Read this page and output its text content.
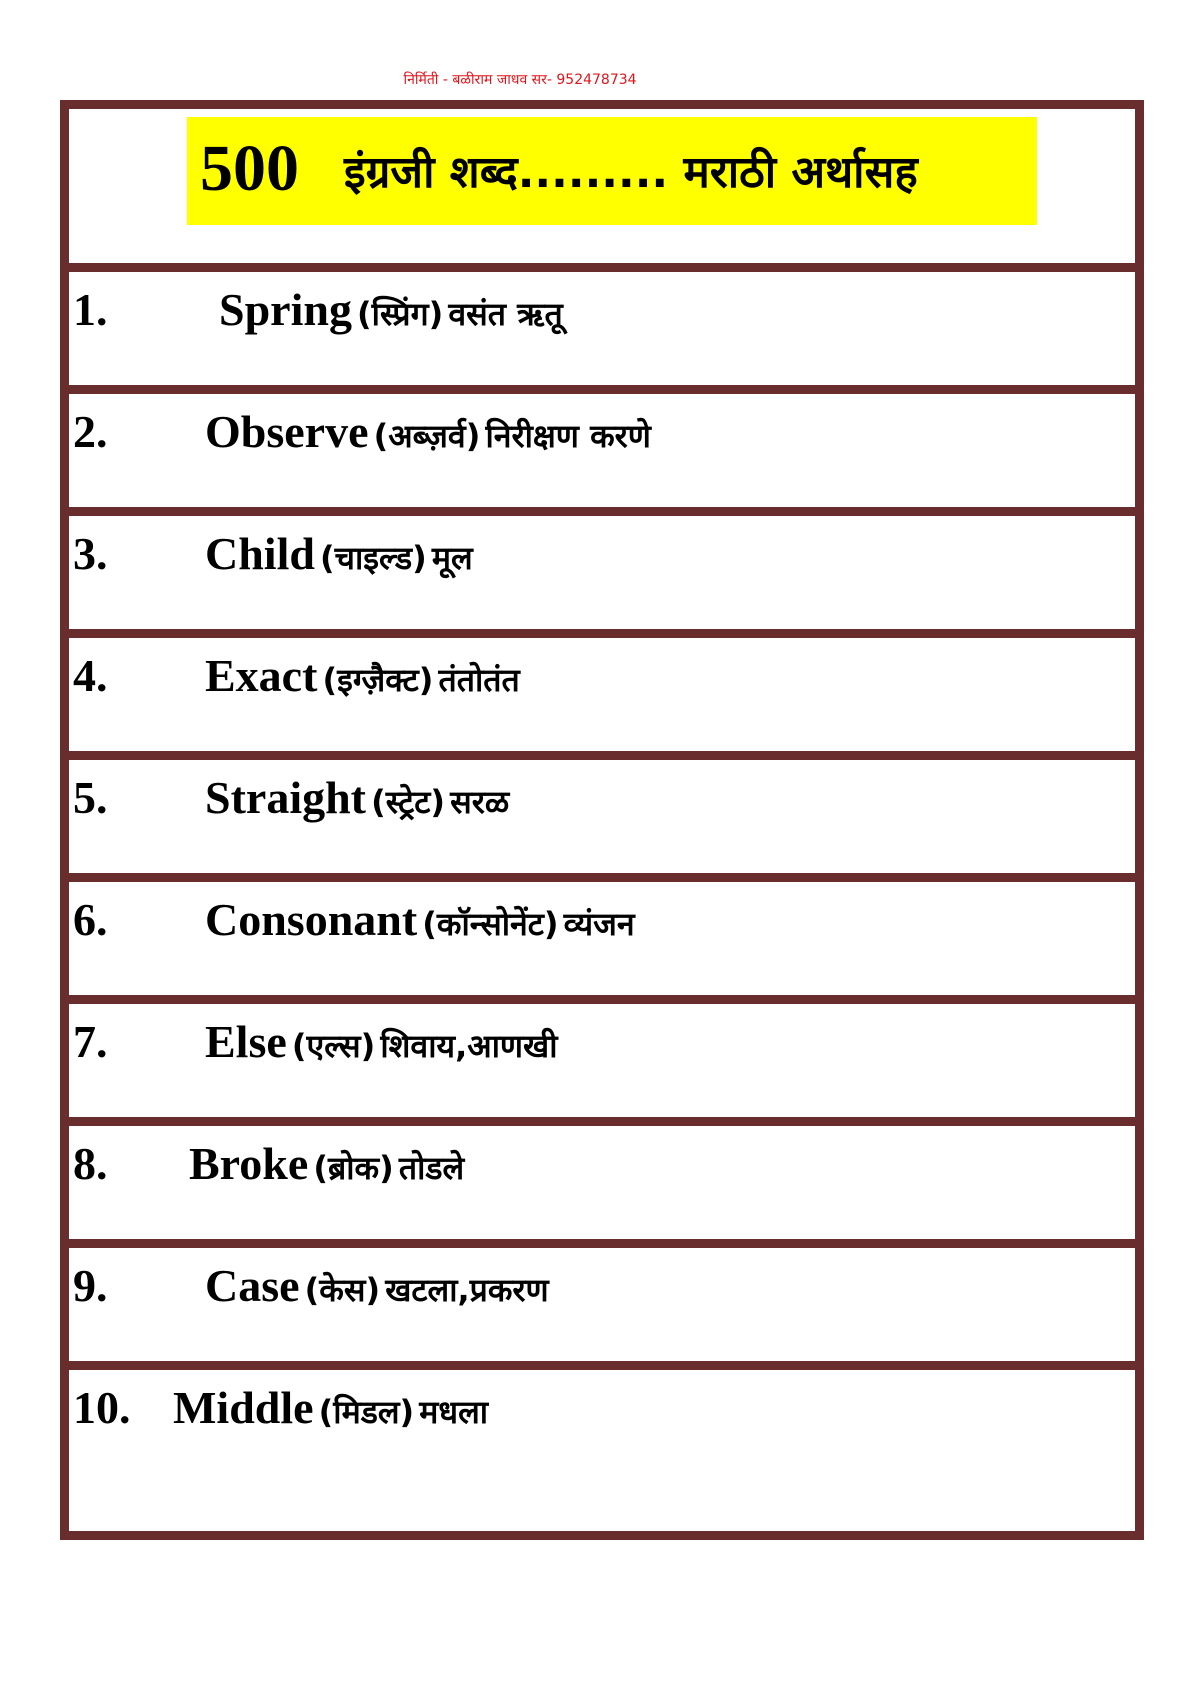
निर्मिती - बळीराम जाधव सर- 952478734
500 इंग्रजी शब्द......... मराठी अर्थासह
1. Spring (स्प्रिंग) वसंत ऋतू
2. Observe (अब्ज़र्व) निरीक्षण करणे
3. Child (चाइल्ड) मूल
4. Exact (इग्ज़ैक्ट) तंतोतंत
5. Straight (स्ट्रेट) सरळ
6. Consonant (कॉन्सोनेंट) व्यंजन
7. Else (एल्स) शिवाय,आणखी
8. Broke (ब्रोक) तोडले
9. Case (केस) खटला,प्रकरण
10. Middle (मिडल) मधला
